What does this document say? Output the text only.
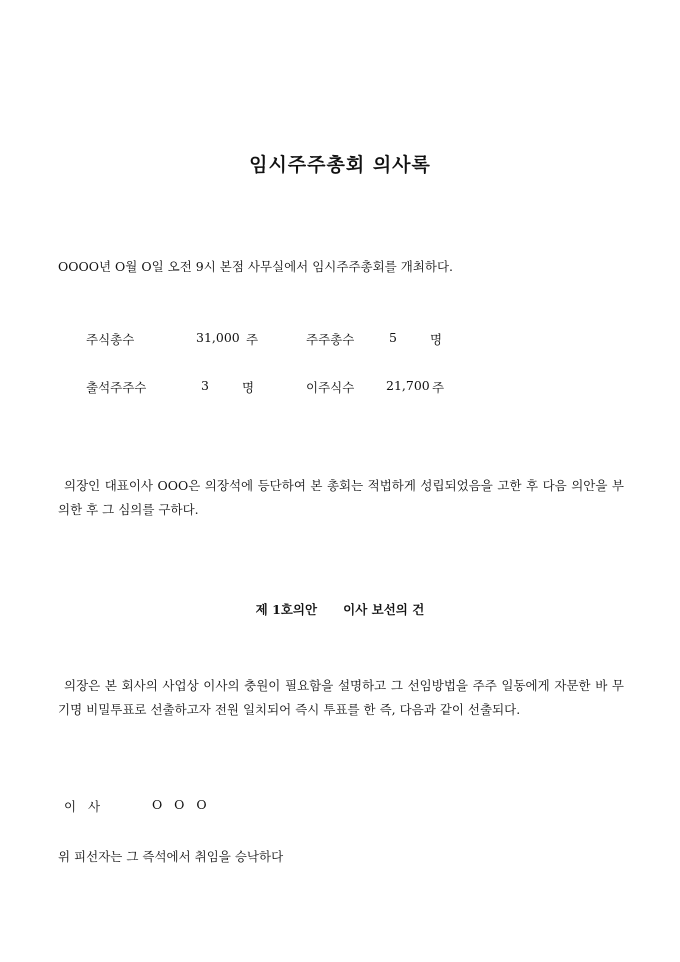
임시주주총회 의사록
OOOO년 O월 O일 오전 9시 본점 사무실에서 임시주주총회를 개최하다.
주식총수	31,000 주	주주총수	5	명
출석주주수	3	명	이주식수	21,700 주
의장인 대표이사 OOO은 의장석에 등단하여 본 총회는 적법하게 성립되었음을 고한 후 다음 의안을 부의한 후 그 심의를 구하다.
제 1호의안 이사 보선의 건
의장은 본 회사의 사업상 이사의 충원이 필요함을 설명하고 그 선임방법을 주주 일동에게 자문한 바 무기명 비밀투표로 선출하고자 전원 일치되어 즉시 투표를 한 즉, 다음과 같이 선출되다.
이   사	O   O   O
위 피선자는 그 즉석에서 취임을 승낙하다
